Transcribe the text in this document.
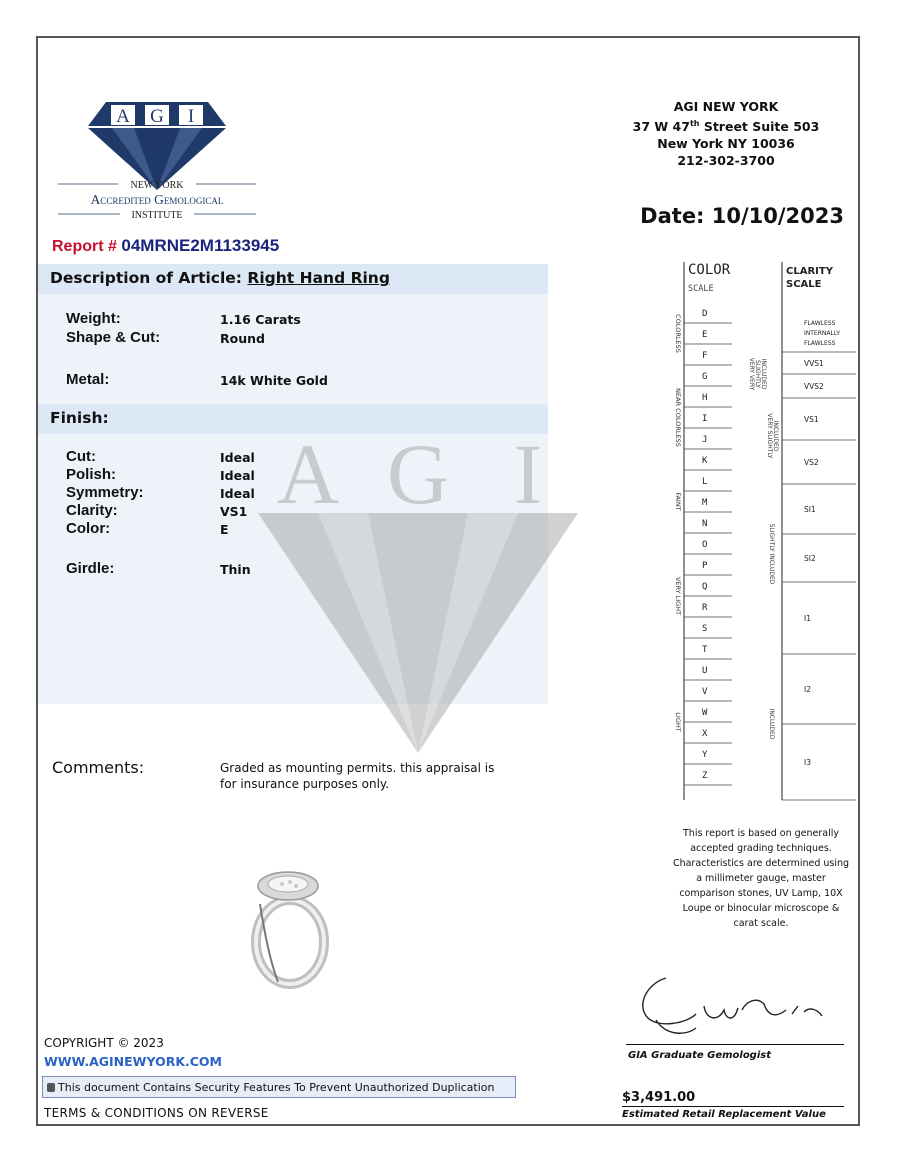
A G I
NEW YORK
Accredited Gemological
INSTITUTE
AGI NEW YORK
37 W 47th Street Suite 503
New York NY 10036
212-302-3700
Date: 10/10/2023
Report # 04MRNE2M1133945
Description of Article: Right Hand Ring
Weight:	1.16 Carats
Shape & Cut:	Round
Metal:	14k White Gold
Finish:
A G I
Cut:	Ideal
Polish:	Ideal
Symmetry:	Ideal
Clarity:	VS1
Color:	E
Girdle:	Thin
Comments:	Graded as mounting permits. this appraisal is for insurance purposes only.
COLOR
SCALE
CLARITY
SCALE
D
E
F
G
H
I
J
K
L
M
N
O
P
Q
R
S
T
U
V
W
X
Y
Z
COLORLESS
NEAR COLORLESS
FAINT
VERY LIGHT
LIGHT
FLAWLESS
INTERNALLY
FLAWLESS
VVS1
VVS2
VS1
VS2
SI1
SI2
I1
I2
I3
VERY VERY SLIGHTLY INCLUDED
VERY SLIGHTLY INCLUDED
SLIGHTLY INCLUDED
INCLUDED
This report is based on generally accepted grading techniques. Characteristics are determined using a millimeter gauge, master comparison stones, UV Lamp, 10X Loupe or binocular microscope & carat scale.
GIA Graduate Gemologist
$3,491.00
Estimated Retail Replacement Value
COPYRIGHT © 2023
WWW.AGINEWYORK.COM
This document Contains Security Features To Prevent Unauthorized Duplication
TERMS & CONDITIONS ON REVERSE
